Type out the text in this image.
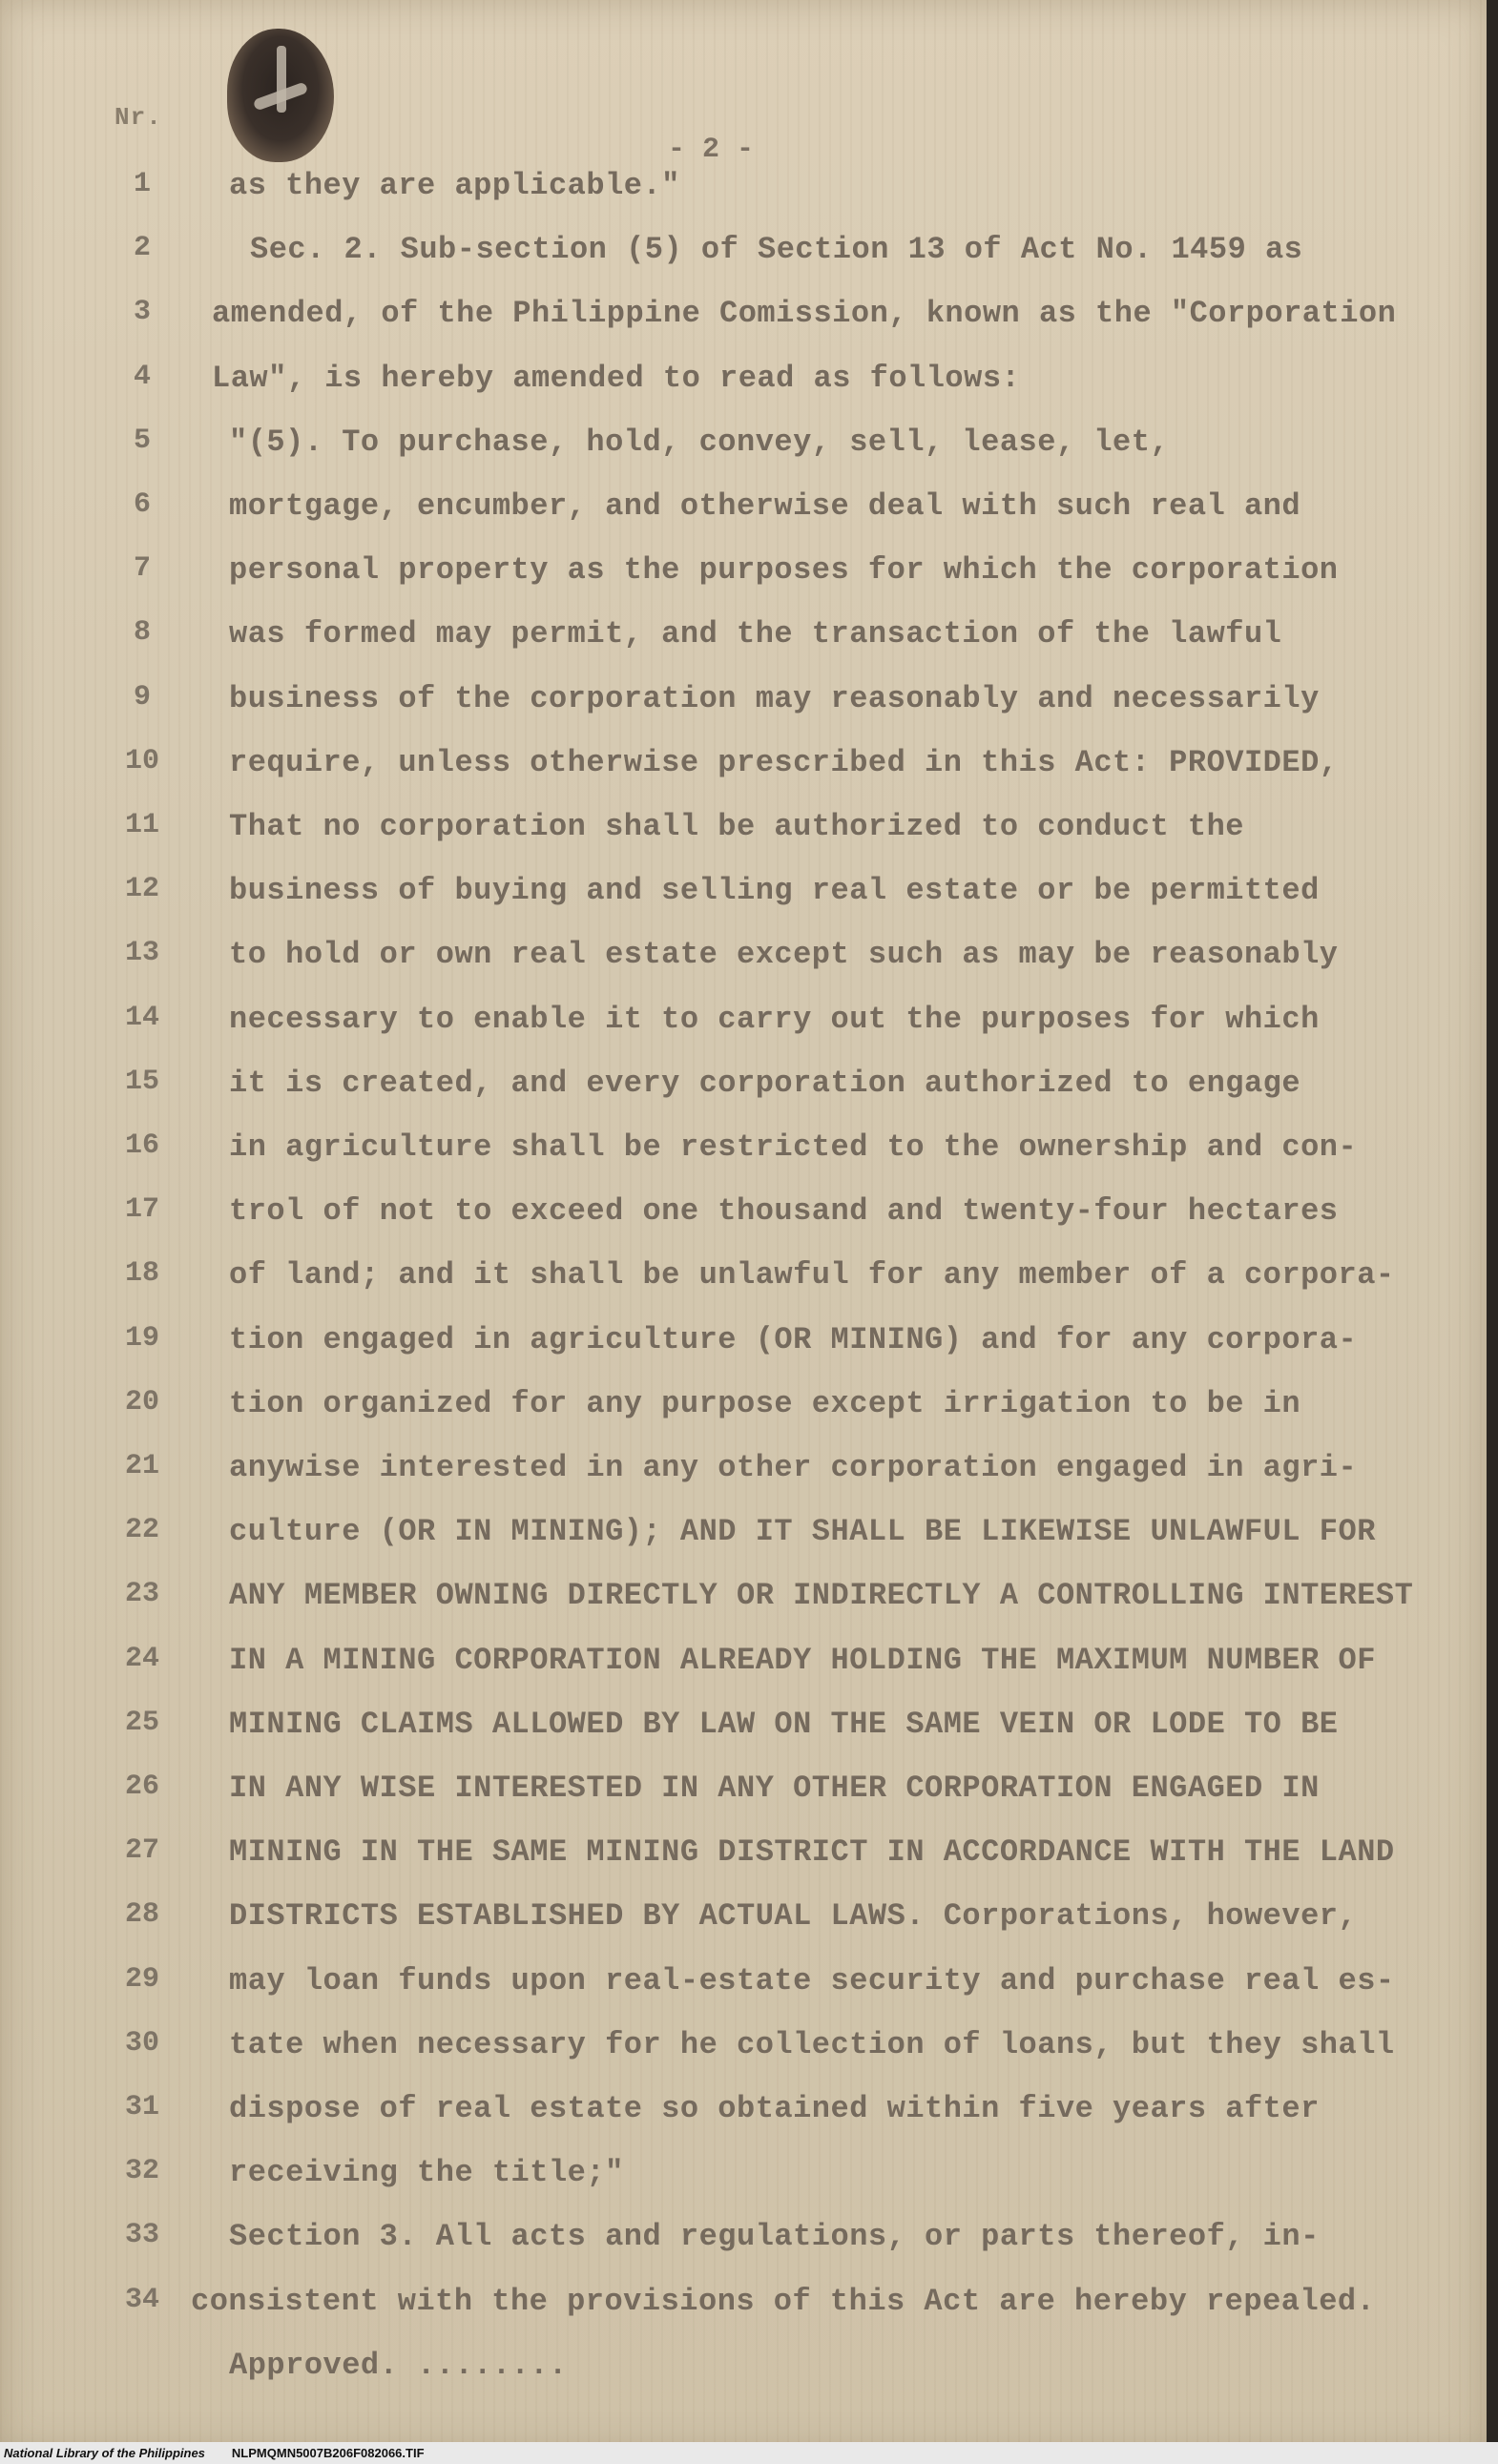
Nr.
- 2 -
1	as they are applicable."
2	Sec. 2. Sub-section (5) of Section 13 of Act No. 1459 as
3	amended, of the Philippine Comission, known as the "Corporation
4	Law", is hereby amended to read as follows:
5	"(5). To purchase, hold, convey, sell, lease, let,
6	mortgage, encumber, and otherwise deal with such real and
7	personal property as the purposes for which the corporation
8	was formed may permit, and the transaction of the lawful
9	business of the corporation may reasonably and necessarily
10	require, unless otherwise prescribed in this Act: PROVIDED,
11	That no corporation shall be authorized to conduct the
12	business of buying and selling real estate or be permitted
13	to hold or own real estate except such as may be reasonably
14	necessary to enable it to carry out the purposes for which
15	it is created, and every corporation authorized to engage
16	in agriculture shall be restricted to the ownership and con-
17	trol of not to exceed one thousand and twenty-four hectares
18	of land; and it shall be unlawful for any member of a corpora-
19	tion engaged in agriculture (OR MINING) and for any corpora-
20	tion organized for any purpose except irrigation to be in
21	anywise interested in any other corporation engaged in agri-
22	culture (OR IN MINING); AND IT SHALL BE LIKEWISE UNLAWFUL FOR
23	ANY MEMBER OWNING DIRECTLY OR INDIRECTLY A CONTROLLING INTEREST
24	IN A MINING CORPORATION ALREADY HOLDING THE MAXIMUM NUMBER OF
25	MINING CLAIMS ALLOWED BY LAW ON THE SAME VEIN OR LODE TO BE
26	IN ANY WISE INTERESTED IN ANY OTHER CORPORATION ENGAGED IN
27	MINING IN THE SAME MINING DISTRICT IN ACCORDANCE WITH THE LAND
28	DISTRICTS ESTABLISHED BY ACTUAL LAWS. Corporations, however,
29	may loan funds upon real-estate security and purchase real es-
30	tate when necessary for he collection of loans, but they shall
31	dispose of real estate so obtained within five years after
32	receiving the title;"
33	Section 3. All acts and regulations, or parts thereof, in-
34	consistent with the provisions of this Act are hereby repealed.
Approved. ........
National Library of the Philippines NLPMQMN5007B206F082066.TIF
